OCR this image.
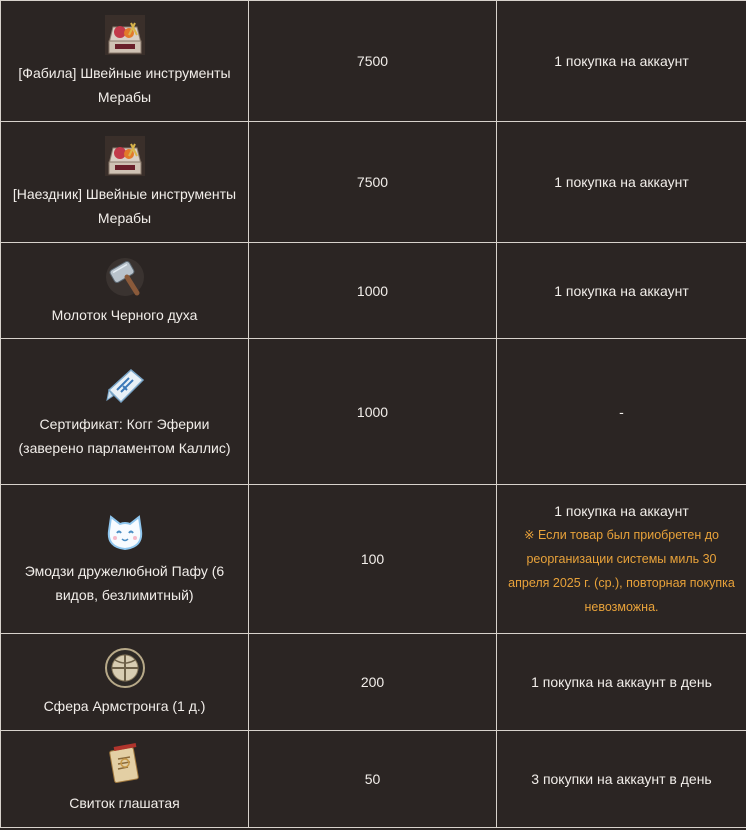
[Фабила] Швейные инструменты Мерабы	7500	1 покупка на аккаунт

[Наездник] Швейные инструменты Мерабы	7500	1 покупка на аккаунт

Молоток Черного духа	1000	1 покупка на аккаунт

Сертификат: Когг Эферии (заверено парламентом Каллис)	1000	-

Эмодзи дружелюбной Пафу (6 видов, безлимитный)	100	1 покупка на аккаунт
※ Если товар был приобретен до реорганизации системы миль 30 апреля 2025 г. (ср.), повторная покупка невозможна.

Сфера Армстронга (1 д.)	200	1 покупка на аккаунт в день

Свиток глашатая	50	3 покупки на аккаунт в день
